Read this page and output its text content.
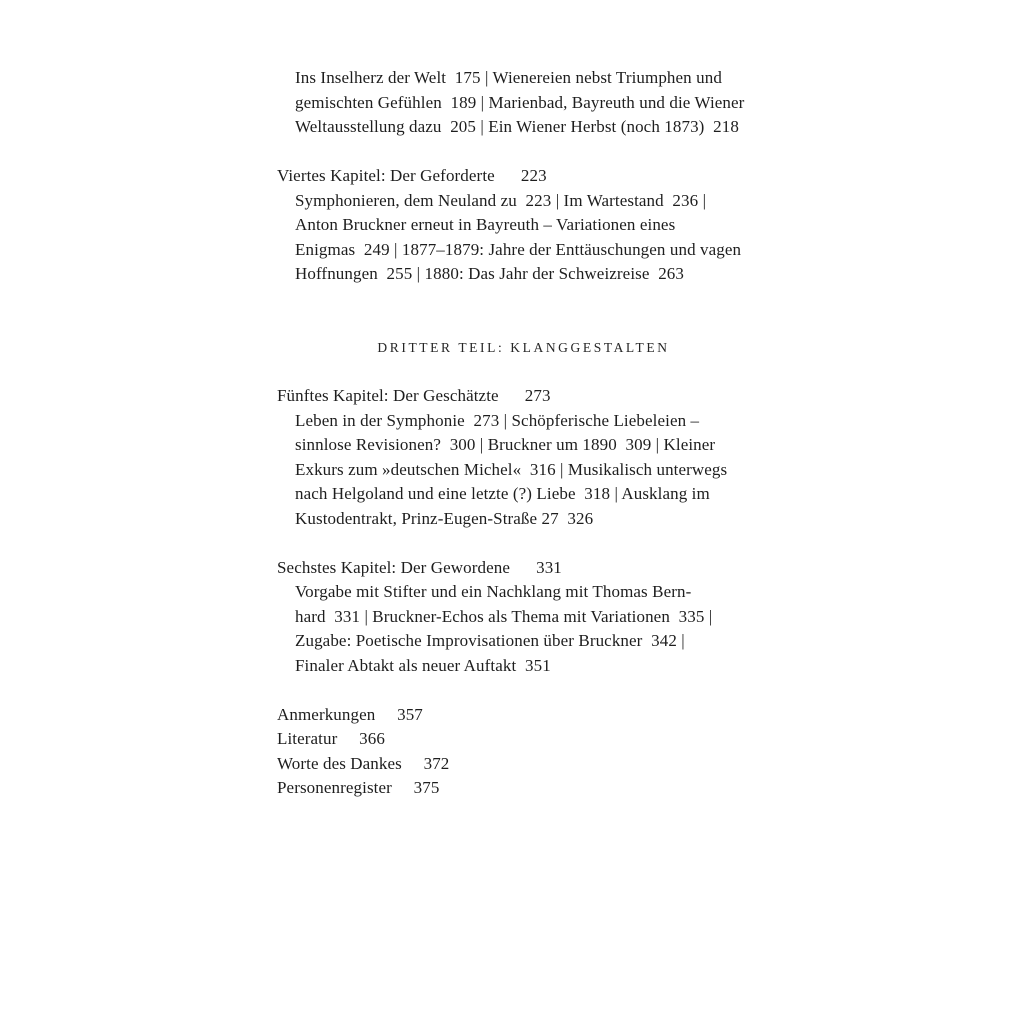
Ins Inselherz der Welt  175 | Wienereien nebst Triumphen und
gemischten Gefühlen  189 | Marienbad, Bayreuth und die Wiener
Weltausstellung dazu  205 | Ein Wiener Herbst (noch 1873)  218
Viertes Kapitel: Der Geforderte      223
Symphonieren, dem Neuland zu  223 | Im Wartestand  236 |
Anton Bruckner erneut in Bayreuth – Variationen eines
Enigmas  249 | 1877–1879: Jahre der Enttäuschungen und vagen
Hoffnungen  255 | 1880: Das Jahr der Schweizreise  263
DRITTER TEIL: KLANGGESTALTEN
Fünftes Kapitel: Der Geschätzte      273
Leben in der Symphonie  273 | Schöpferische Liebeleien –
sinnlose Revisionen?  300 | Bruckner um 1890  309 | Kleiner
Exkurs zum »deutschen Michel«  316 | Musikalisch unterwegs
nach Helgoland und eine letzte (?) Liebe  318 | Ausklang im
Kustodentrakt, Prinz-Eugen-Straße 27  326
Sechstes Kapitel: Der Gewordene      331
Vorgabe mit Stifter und ein Nachklang mit Thomas Bern-
hard  331 | Bruckner-Echos als Thema mit Variationen  335 |
Zugabe: Poetische Improvisationen über Bruckner  342 |
Finaler Abtakt als neuer Auftakt  351
Anmerkungen     357
Literatur     366
Worte des Dankes     372
Personenregister     375
